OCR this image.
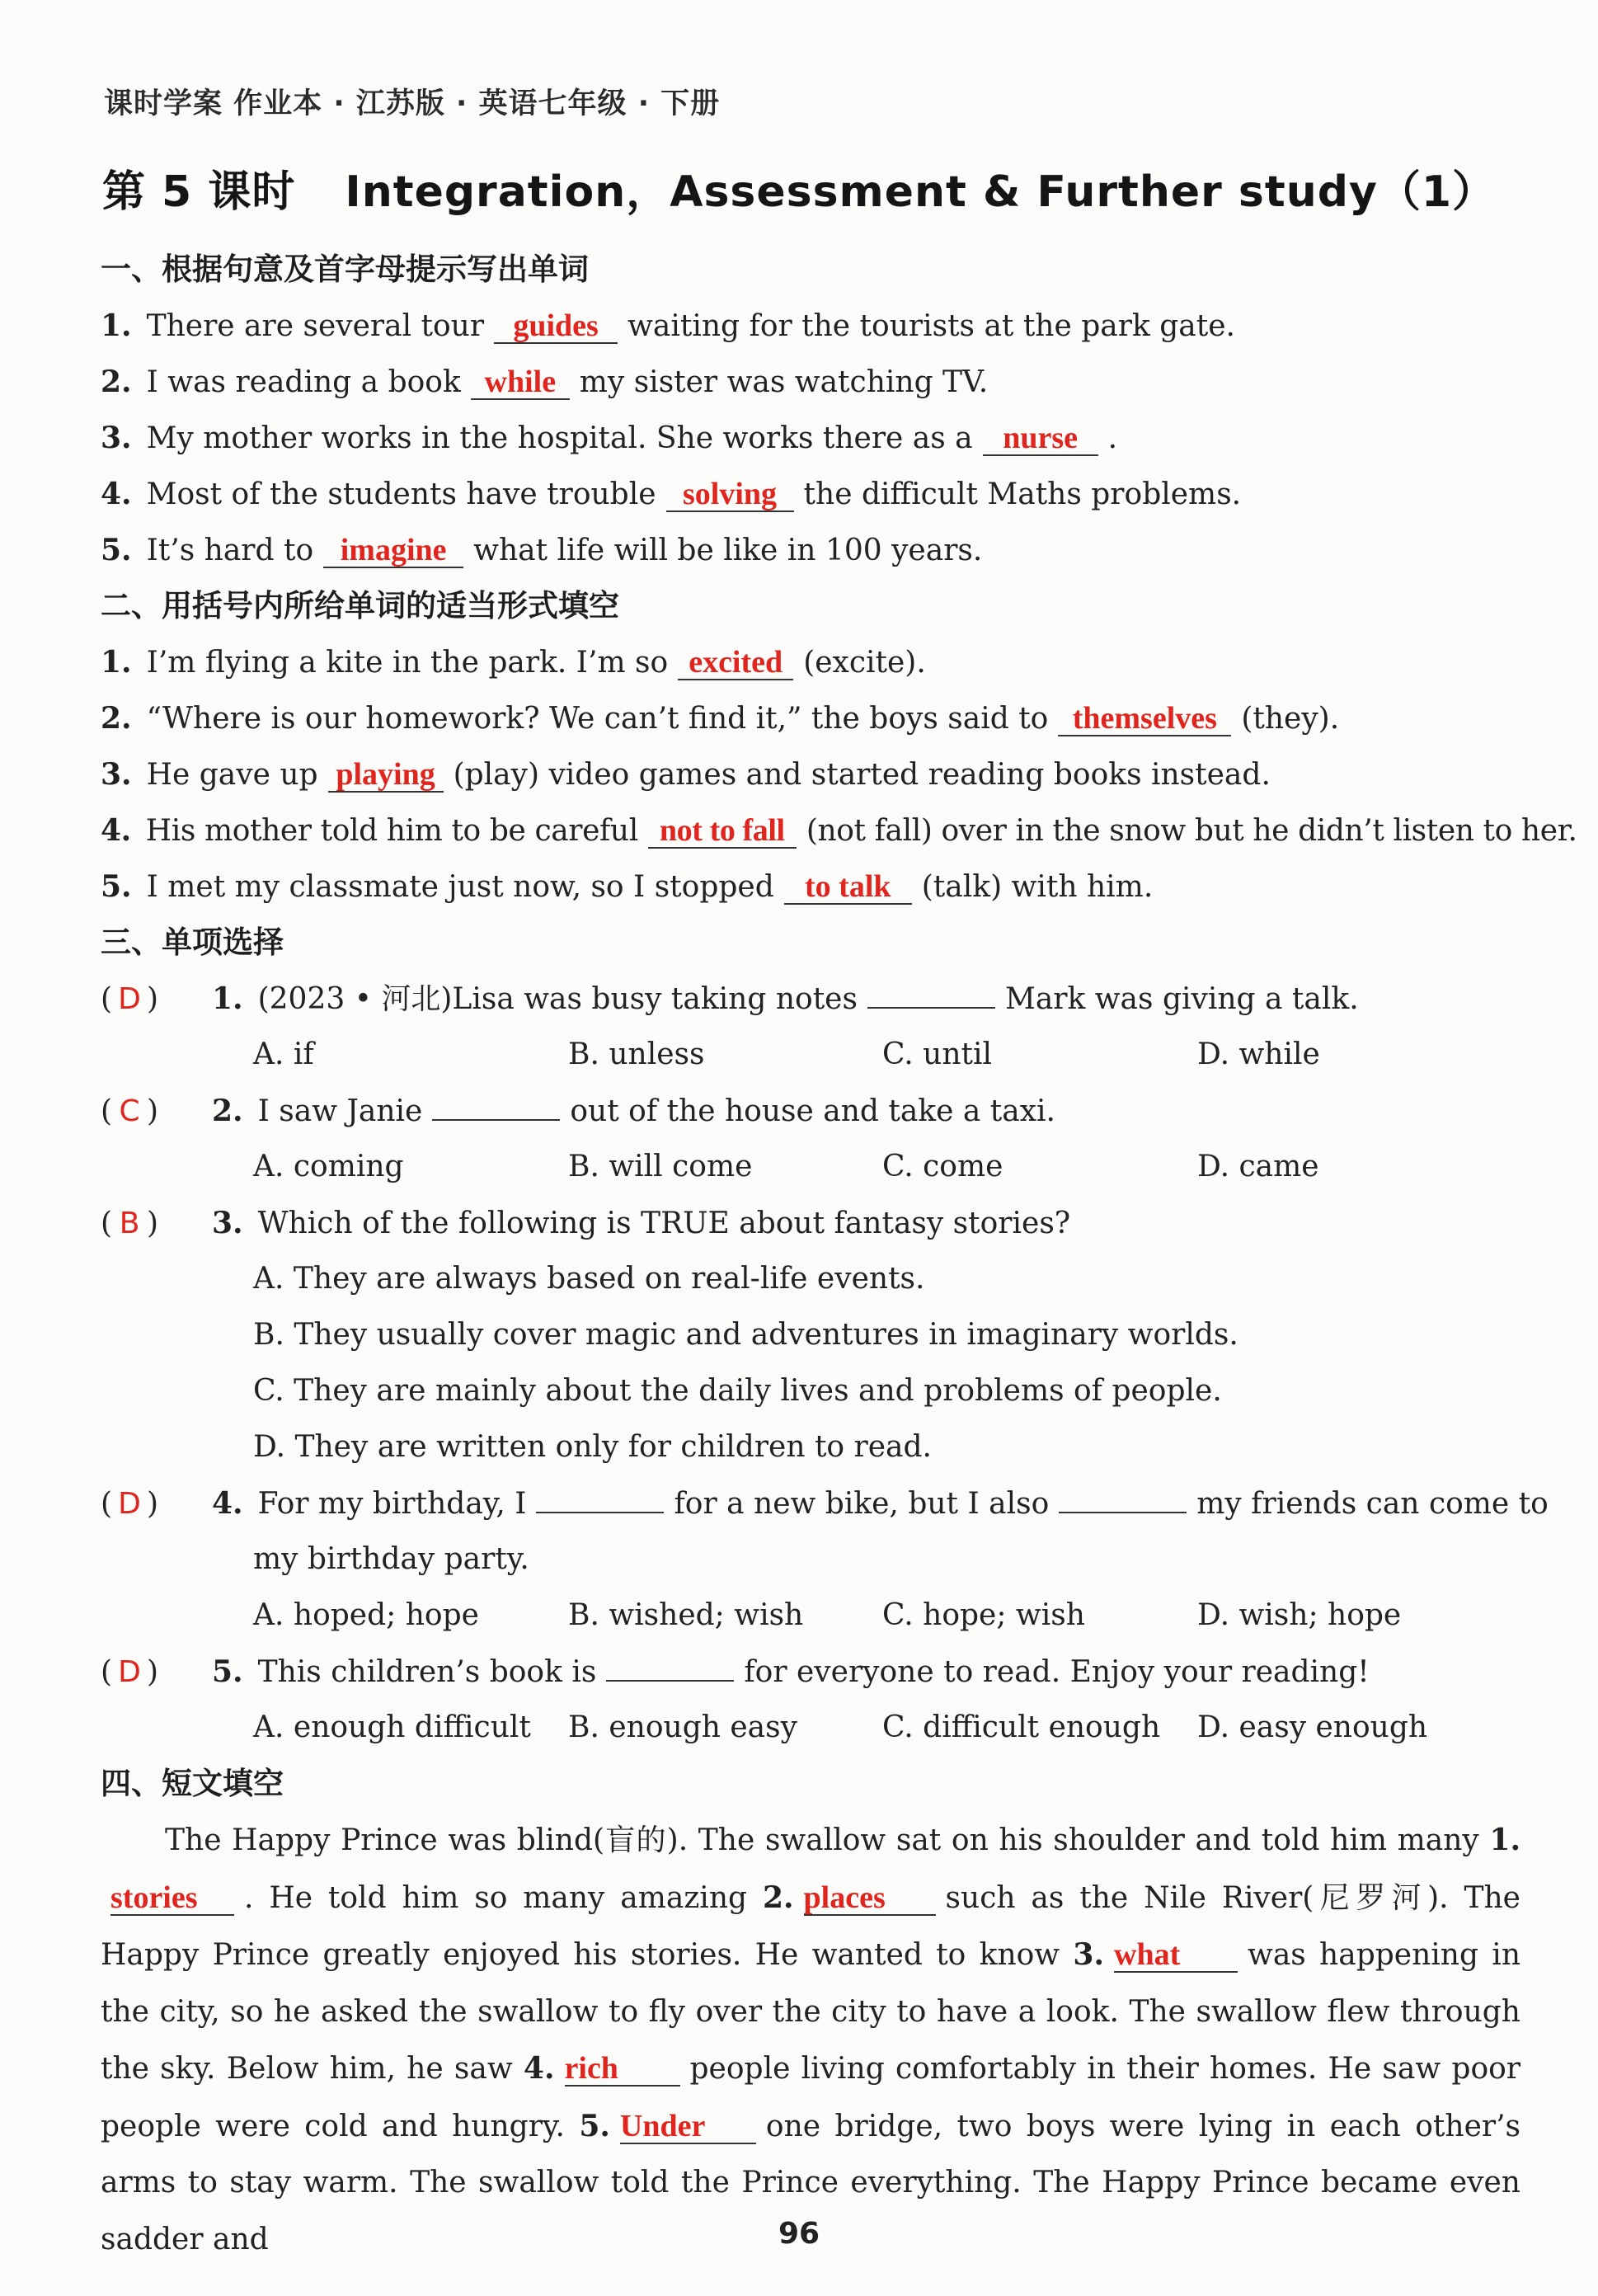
课时学案 作业本 · 江苏版 · 英语七年级 · 下册
第 5 课时 Integration，Assessment & Further study（1）
一、根据句意及首字母提示写出单词
1. There are several tour guides waiting for the tourists at the park gate.
2. I was reading a book while my sister was watching TV.
3. My mother works in the hospital. She works there as a nurse .
4. Most of the students have trouble solving the difficult Maths problems.
5. It’s hard to imagine what life will be like in 100 years.
二、用括号内所给单词的适当形式填空
1. I’m flying a kite in the park. I’m so excited (excite).
2. “Where is our homework? We can’t find it,” the boys said to themselves (they).
3. He gave up playing (play) video games and started reading books instead.
4. His mother told him to be careful not to fall (not fall) over in the snow but he didn’t listen to her.
5. I met my classmate just now, so I stopped to talk (talk) with him.
三、单项选择
( D ) 1. (2023 • 河北)Lisa was busy taking notes	Mark was giving a talk.
A. if	B. unless	C. until	D. while
( C ) 2. I saw Janie	out of the house and take a taxi.
A. coming	B. will come	C. come	D. came
( B ) 3. Which of the following is TRUE about fantasy stories?
A. They are always based on real-life events.
B. They usually cover magic and adventures in imaginary worlds.
C. They are mainly about the daily lives and problems of people.
D. They are written only for children to read.
( D ) 4. For my birthday, I	for a new bike, but I also	my friends can come to
my birthday party.
A. hoped; hope	B. wished; wish	C. hope; wish	D. wish; hope
( D ) 5. This children’s book is	for everyone to read. Enjoy your reading!
A. enough difficult B. enough easy	C. difficult enough D. easy enough
四、短文填空
The Happy Prince was blind(盲的). The swallow sat on his shoulder and told him many 1.stories . He told him so many amazing 2. places such as the Nile River(尼罗河). The Happy Prince greatly enjoyed his stories. He wanted to know 3. what was happening in the city, so he asked the swallow to fly over the city to have a look. The swallow flew through the sky. Below him, he saw 4. rich people living comfortably in their homes. He saw poor people were cold and hungry. 5. Under one bridge, two boys were lying in each other’s arms to stay warm. The swallow told the Prince everything. The Happy Prince became even sadder and	96
